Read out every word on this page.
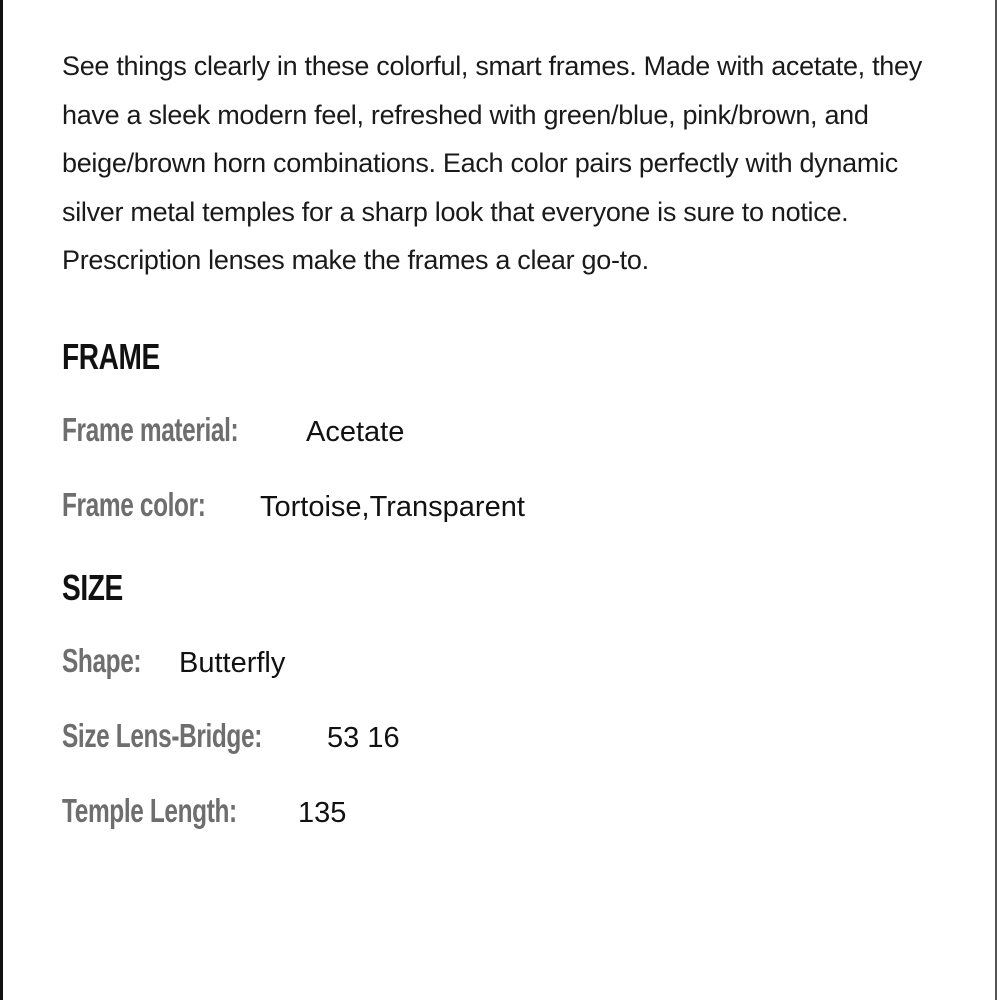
See things clearly in these colorful, smart frames. Made with acetate, they have a sleek modern feel, refreshed with green/blue, pink/brown, and beige/brown horn combinations. Each color pairs perfectly with dynamic silver metal temples for a sharp look that everyone is sure to notice. Prescription lenses make the frames a clear go-to.

FRAME
Frame material: Acetate
Frame color: Tortoise,Transparent
SIZE
Shape: Butterfly
Size Lens-Bridge: 53 16
Temple Length: 135
